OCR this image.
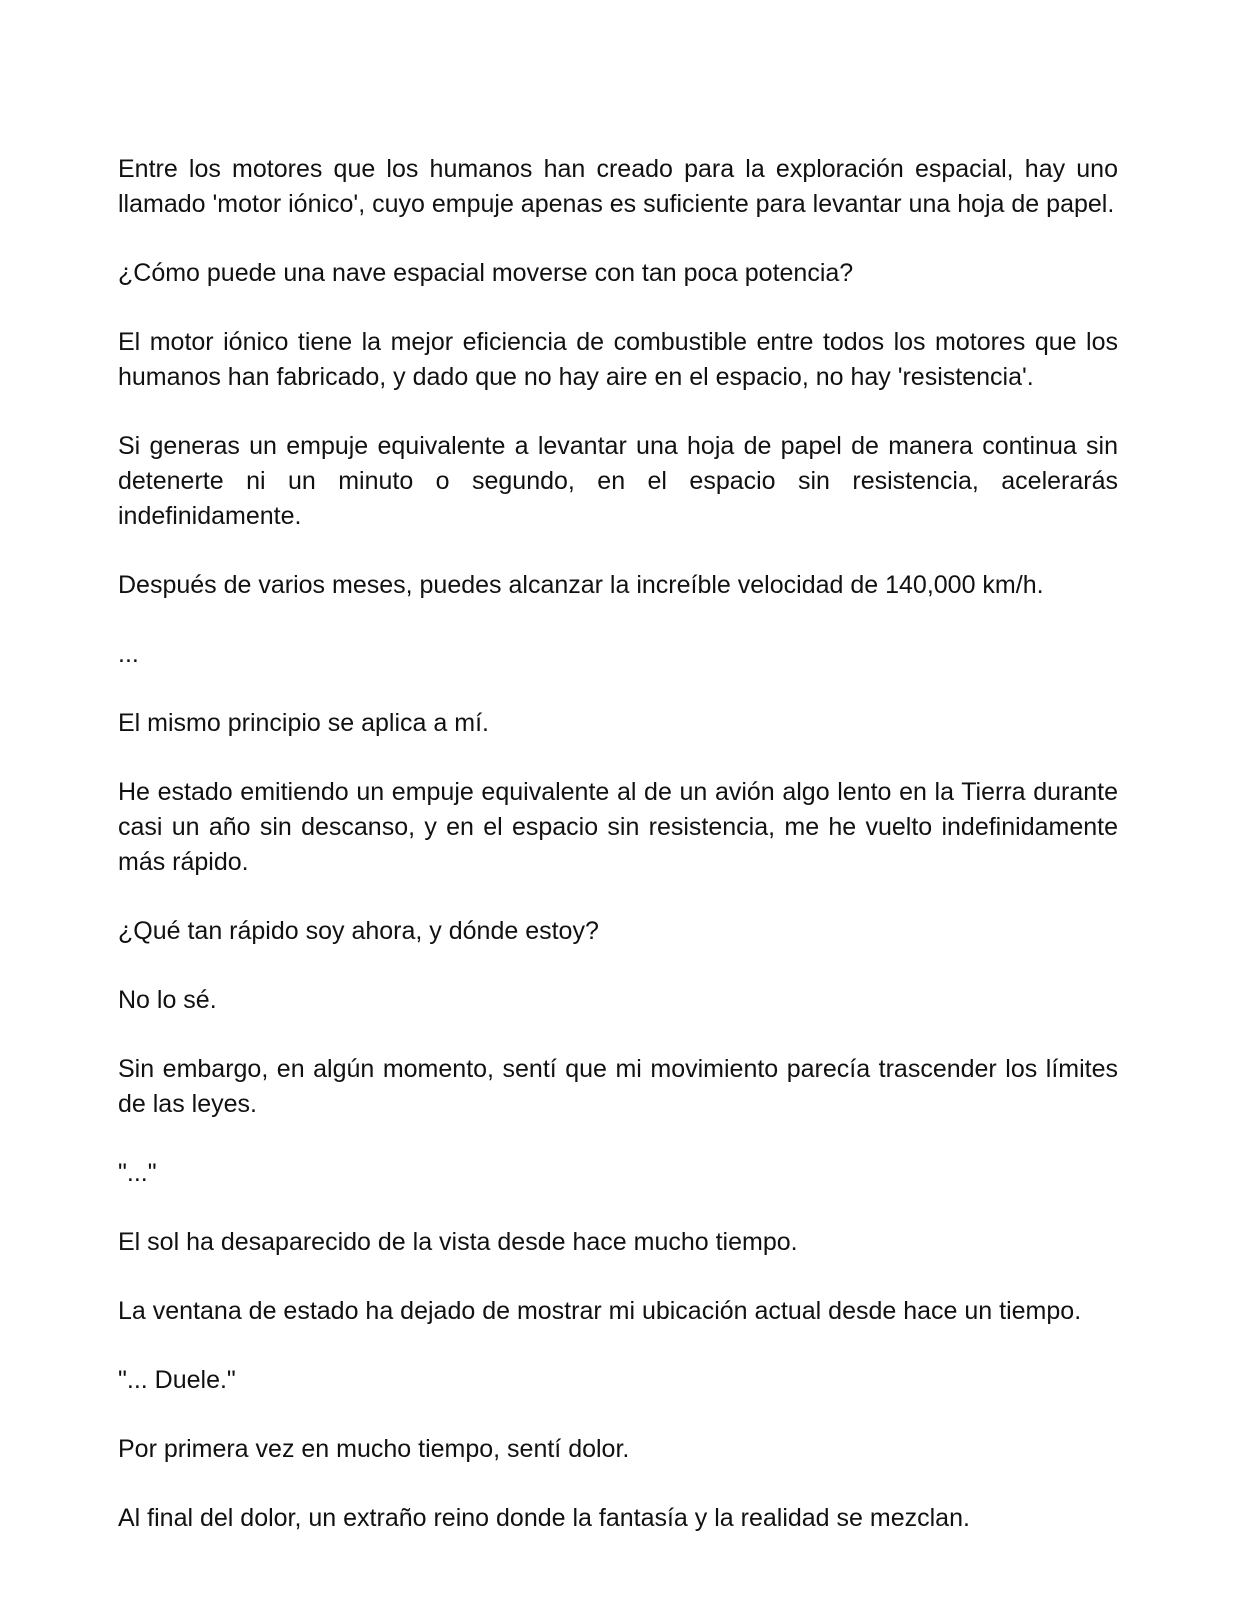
Entre los motores que los humanos han creado para la exploración espacial, hay uno llamado 'motor iónico', cuyo empuje apenas es suficiente para levantar una hoja de papel.

¿Cómo puede una nave espacial moverse con tan poca potencia?

El motor iónico tiene la mejor eficiencia de combustible entre todos los motores que los humanos han fabricado, y dado que no hay aire en el espacio, no hay 'resistencia'.

Si generas un empuje equivalente a levantar una hoja de papel de manera continua sin detenerte ni un minuto o segundo, en el espacio sin resistencia, acelerarás indefinidamente.

Después de varios meses, puedes alcanzar la increíble velocidad de 140,000 km/h.

...

El mismo principio se aplica a mí.

He estado emitiendo un empuje equivalente al de un avión algo lento en la Tierra durante casi un año sin descanso, y en el espacio sin resistencia, me he vuelto indefinidamente más rápido.

¿Qué tan rápido soy ahora, y dónde estoy?

No lo sé.

Sin embargo, en algún momento, sentí que mi movimiento parecía trascender los límites de las leyes.

"..."

El sol ha desaparecido de la vista desde hace mucho tiempo.

La ventana de estado ha dejado de mostrar mi ubicación actual desde hace un tiempo.

"... Duele."

Por primera vez en mucho tiempo, sentí dolor.

Al final del dolor, un extraño reino donde la fantasía y la realidad se mezclan.
